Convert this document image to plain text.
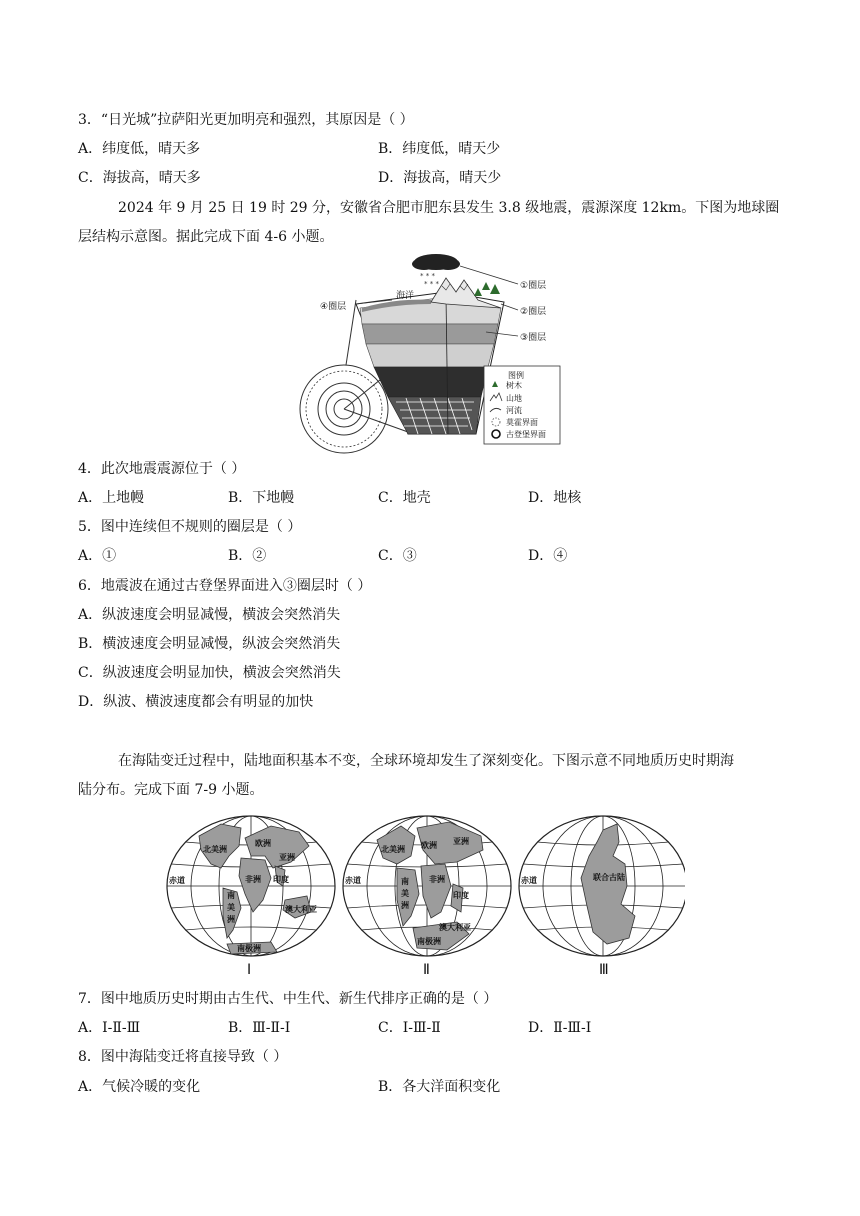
3．“日光城”拉萨阳光更加明亮和强烈，其原因是（ ）
A．纬度低，晴天多	B．纬度低，晴天少
C．海拔高，晴天多	D．海拔高，晴天少
2024 年 9 月 25 日 19 时 29 分，安徽省合肥市肥东县发生 3.8 级地震，震源深度 12km。下图为地球圈
层结构示意图。据此完成下面 4-6 小题。
* * *
* * *
海洋
④圈层
①圈层
②圈层
③圈层
图例
树木
山地
河流
莫霍界面
古登堡界面
4．此次地震震源位于（ ）
A．上地幔	B．下地幔	C．地壳	D．地核
5．图中连续但不规则的圈层是（ ）
A．①	B．②	C．③	D．④
6．地震波在通过古登堡界面进入③圈层时（ ）
A．纵波速度会明显减慢，横波会突然消失
B．横波速度会明显减慢，纵波会突然消失
C．纵波速度会明显加快，横波会突然消失
D．纵波、横波速度都会有明显的加快
在海陆变迁过程中，陆地面积基本不变，全球环境却发生了深刻变化。下图示意不同地质历史时期海
陆分布。完成下面 7-9 小题。
北美洲
欧洲
亚洲
非洲 印度
南
美
洲
澳大利亚
南极洲
赤道
Ⅰ
北美洲 欧洲 亚洲
非洲
南
美
洲
印度
澳大利亚
南极洲
赤道
Ⅱ
联合古陆
赤道
Ⅲ
7．图中地质历史时期由古生代、中生代、新生代排序正确的是（ ）
A．Ⅰ-Ⅱ-Ⅲ	B．Ⅲ-Ⅱ-Ⅰ	C．Ⅰ-Ⅲ-Ⅱ	D．Ⅱ-Ⅲ-Ⅰ
8．图中海陆变迁将直接导致（ ）
A．气候冷暖的变化	B．各大洋面积变化
